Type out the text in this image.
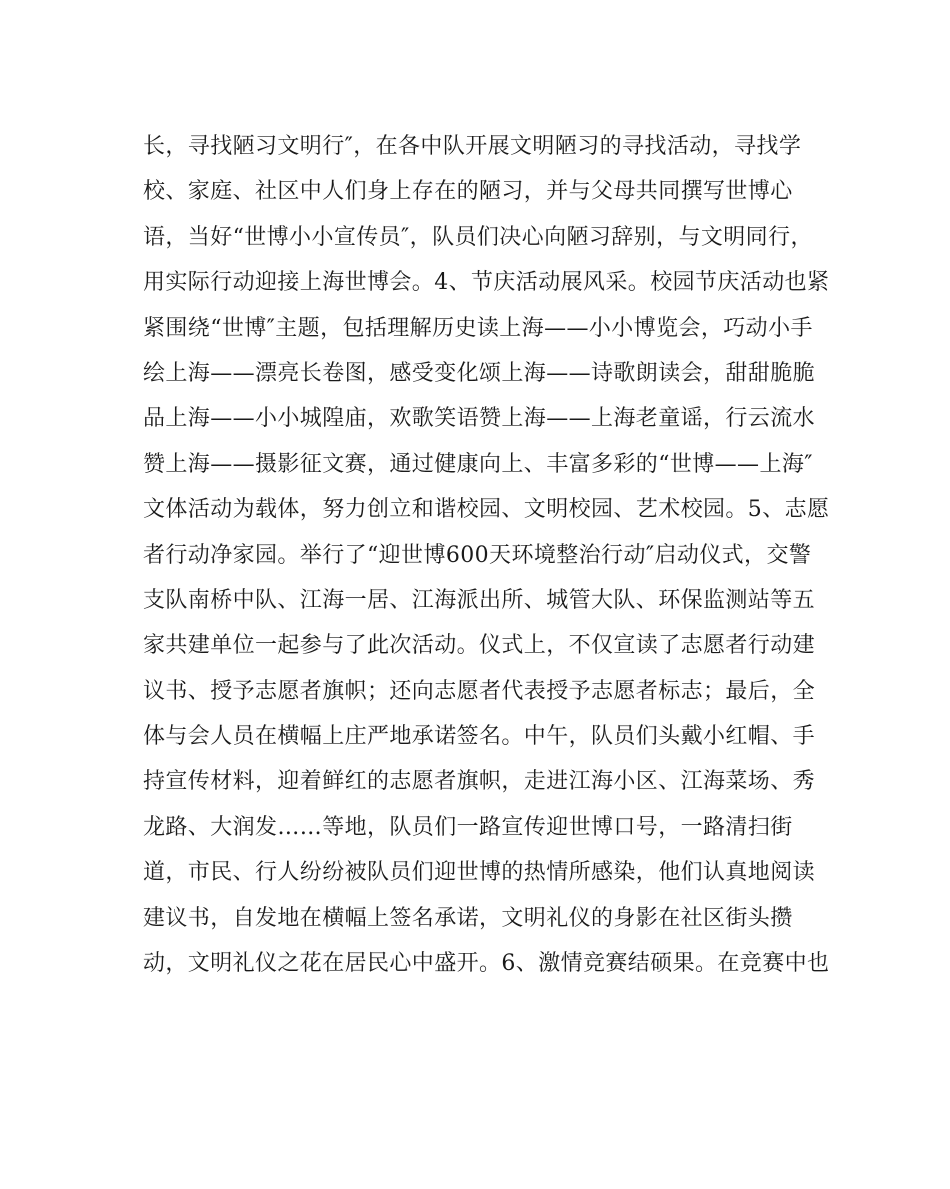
长，寻找陋习文明行″，在各中队开展文明陋习的寻找活动，寻找学
校、家庭、社区中人们身上存在的陋习，并与父母共同撰写世博心
语，当好“世博小小宣传员″，队员们决心向陋习辞别，与文明同行，
用实际行动迎接上海世博会。4、节庆活动展风采。校园节庆活动也紧
紧围绕“世博″主题，包括理解历史读上海——小小博览会，巧动小手
绘上海——漂亮长卷图，感受变化颂上海——诗歌朗读会，甜甜脆脆
品上海——小小城隍庙，欢歌笑语赞上海——上海老童谣，行云流水
赞上海——摄影征文赛，通过健康向上、丰富多彩的“世博——上海″
文体活动为载体，努力创立和谐校园、文明校园、艺术校园。5、志愿
者行动净家园。举行了“迎世博600天环境整治行动″启动仪式，交警
支队南桥中队、江海一居、江海派出所、城管大队、环保监测站等五
家共建单位一起参与了此次活动。仪式上，不仅宣读了志愿者行动建
议书、授予志愿者旗帜；还向志愿者代表授予志愿者标志；最后，全
体与会人员在横幅上庄严地承诺签名。中午，队员们头戴小红帽、手
持宣传材料，迎着鲜红的志愿者旗帜，走进江海小区、江海菜场、秀
龙路、大润发……等地，队员们一路宣传迎世博口号，一路清扫街
道，市民、行人纷纷被队员们迎世博的热情所感染，他们认真地阅读
建议书，自发地在横幅上签名承诺，文明礼仪的身影在社区街头攒
动，文明礼仪之花在居民心中盛开。6、激情竞赛结硕果。在竞赛中也
